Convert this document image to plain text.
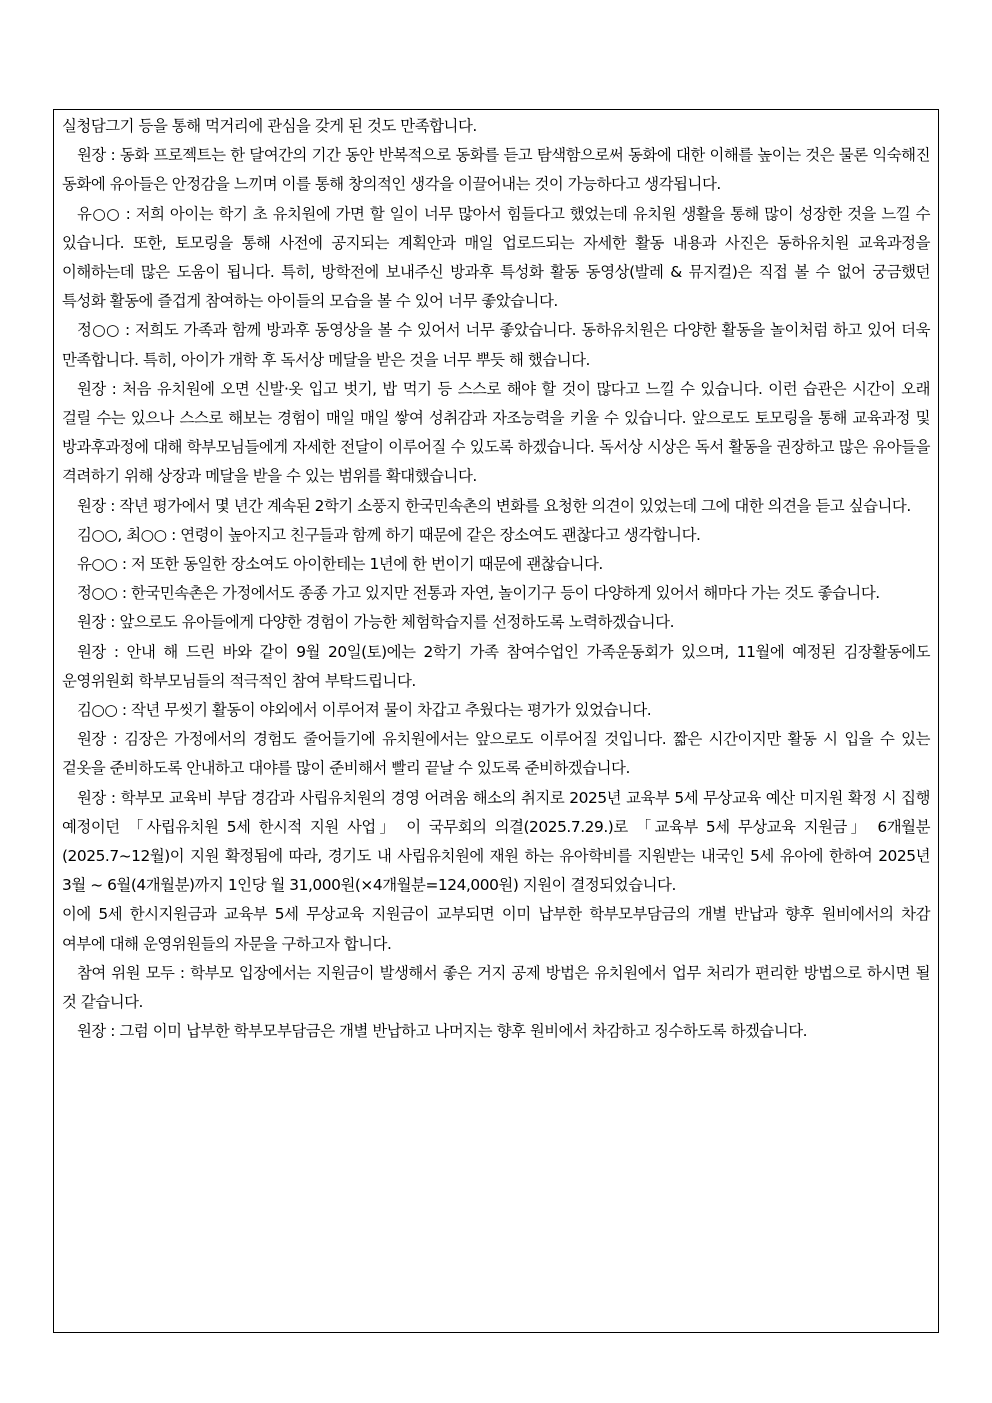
실청담그기 등을 통해 먹거리에 관심을 갖게 된 것도 만족합니다.

원장 : 동화 프로젝트는 한 달여간의 기간 동안 반복적으로 동화를 듣고 탐색함으로써 동화에 대한 이해를 높이는 것은 물론 익숙해진 동화에 유아들은 안정감을 느끼며 이를 통해 창의적인 생각을 이끌어내는 것이 가능하다고 생각됩니다.

유○○ : 저희 아이는 학기 초 유치원에 가면 할 일이 너무 많아서 힘들다고 했었는데 유치원 생활을 통해 많이 성장한 것을 느낄 수 있습니다. 또한, 토모링을 통해 사전에 공지되는 계획안과 매일 업로드되는 자세한 활동 내용과 사진은 동하유치원 교육과정을 이해하는데 많은 도움이 됩니다. 특히, 방학전에 보내주신 방과후 특성화 활동 동영상(발레 & 뮤지컬)은 직접 볼 수 없어 궁금했던 특성화 활동에 즐겁게 참여하는 아이들의 모습을 볼 수 있어 너무 좋았습니다.

정○○ : 저희도 가족과 함께 방과후 동영상을 볼 수 있어서 너무 좋았습니다. 동하유치원은 다양한 활동을 놀이처럼 하고 있어 더욱 만족합니다. 특히, 아이가 개학 후 독서상 메달을 받은 것을 너무 뿌듯 해 했습니다.

원장 : 처음 유치원에 오면 신발·옷 입고 벗기, 밥 먹기 등 스스로 해야 할 것이 많다고 느낄 수 있습니다. 이런 습관은 시간이 오래 걸릴 수는 있으나 스스로 해보는 경험이 매일 매일 쌓여 성취감과 자조능력을 키울 수 있습니다. 앞으로도 토모링을 통해 교육과정 및 방과후과정에 대해 학부모님들에게 자세한 전달이 이루어질 수 있도록 하겠습니다. 독서상 시상은 독서 활동을 권장하고 많은 유아들을 격려하기 위해 상장과 메달을 받을 수 있는 범위를 확대했습니다.

원장 : 작년 평가에서 몇 년간 계속된 2학기 소풍지 한국민속촌의 변화를 요청한 의견이 있었는데 그에 대한 의견을 듣고 싶습니다.

김○○, 최○○ : 연령이 높아지고 친구들과 함께 하기 때문에 같은 장소여도 괜찮다고 생각합니다.

유○○ : 저 또한 동일한 장소여도 아이한테는 1년에 한 번이기 때문에 괜찮습니다.

정○○ : 한국민속촌은 가정에서도 종종 가고 있지만 전통과 자연, 놀이기구 등이 다양하게 있어서 해마다 가는 것도 좋습니다.

원장 : 앞으로도 유아들에게 다양한 경험이 가능한 체험학습지를 선정하도록 노력하겠습니다.

원장 : 안내 해 드린 바와 같이 9월 20일(토)에는 2학기 가족 참여수업인 가족운동회가 있으며, 11월에 예정된 김장활동에도 운영위원회 학부모님들의 적극적인 참여 부탁드립니다.

김○○ : 작년 무씻기 활동이 야외에서 이루어져 물이 차갑고 추웠다는 평가가 있었습니다.

원장 : 김장은 가정에서의 경험도 줄어들기에 유치원에서는 앞으로도 이루어질 것입니다. 짧은 시간이지만 활동 시 입을 수 있는 겉옷을 준비하도록 안내하고 대야를 많이 준비해서 빨리 끝날 수 있도록 준비하겠습니다.

원장 : 학부모 교육비 부담 경감과 사립유치원의 경영 어려움 해소의 취지로 2025년 교육부 5세 무상교육 예산 미지원 확정 시 집행 예정이던 「사립유치원 5세 한시적 지원 사업」 이 국무회의 의결(2025.7.29.)로 「교육부 5세 무상교육 지원금」 6개월분(2025.7~12월)이 지원 확정됨에 따라, 경기도 내 사립유치원에 재원 하는 유아학비를 지원받는 내국인 5세 유아에 한하여 2025년 3월 ~ 6월(4개월분)까지 1인당 월 31,000원(×4개월분=124,000원) 지원이 결정되었습니다.

이에 5세 한시지원금과 교육부 5세 무상교육 지원금이 교부되면 이미 납부한 학부모부담금의 개별 반납과 향후 원비에서의 차감 여부에 대해 운영위원들의 자문을 구하고자 합니다.

참여 위원 모두 : 학부모 입장에서는 지원금이 발생해서 좋은 거지 공제 방법은 유치원에서 업무 처리가 편리한 방법으로 하시면 될 것 같습니다.

원장 : 그럼 이미 납부한 학부모부담금은 개별 반납하고 나머지는 향후 원비에서 차감하고 징수하도록 하겠습니다.
